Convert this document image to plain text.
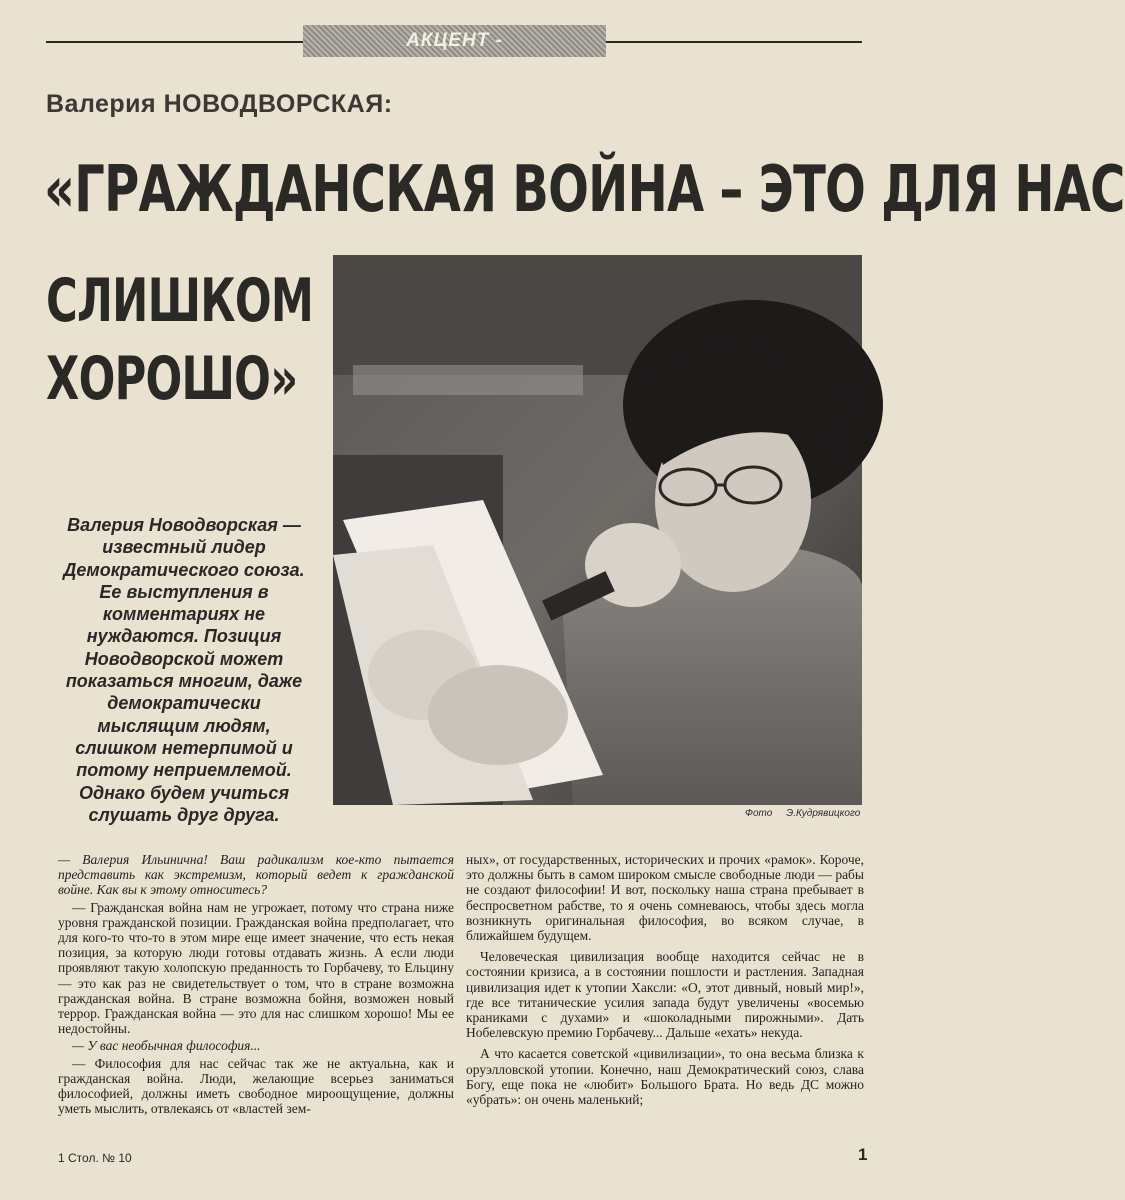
АКЦЕНТ -
Валерия НОВОДВОРСКАЯ:
«ГРАЖДАНСКАЯ ВОЙНА – ЭТО ДЛЯ НАС
СЛИШКОМ
ХОРОШО»
Фото Э.Кудрявицкого
Валерия Новодворская —
известный лидер
Демократического союза.
Ее выступления в
комментариях не
нуждаются. Позиция
Новодворской может
показаться многим, даже
демократически
мыслящим людям,
слишком нетерпимой и
потому неприемлемой.
Однако будем учиться
слушать друг друга.

— Валерия Ильинична! Ваш радикализм кое-кто пытается представить как экстремизм, который ведет к гражданской войне. Как вы к этому относитесь?

— Гражданская война нам не угрожает, потому что страна ниже уровня гражданской позиции. Гражданская война предполагает, что для кого-то что-то в этом мире еще имеет значение, что есть некая позиция, за которую люди готовы отдавать жизнь. А если люди проявляют такую холопскую преданность то Горбачеву, то Ельцину — это как раз не свидетельствует о том, что в стране возможна гражданская война. В стране возможна бойня, возможен новый террор. Гражданская война — это для нас слишком хорошо! Мы ее недостойны.

— У вас необычная философия...

— Философия для нас сейчас так же не актуальна, как и гражданская война. Люди, желающие всерьез заниматься философией, должны иметь свободное мироощущение, должны уметь мыслить, отвлекаясь от «властей зем-

ных», от государственных, исторических и прочих «рамок». Короче, это должны быть в самом широком смысле свободные люди — рабы не создают философии! И вот, поскольку наша страна пребывает в беспросветном рабстве, то я очень сомневаюсь, чтобы здесь могла возникнуть оригинальная философия, во всяком случае, в ближайшем будущем.

Человеческая цивилизация вообще находится сейчас не в состоянии кризиса, а в состоянии пошлости и растления. Западная цивилизация идет к утопии Хаксли: «О, этот дивный, новый мир!», где все титанические усилия запада будут увеличены «восемью краниками с духами» и «шоколадными пирожными». Дать Нобелевскую премию Горбачеву... Дальше «ехать» некуда.

А что касается советской «цивилизации», то она весьма близка к оруэлловской утопии. Конечно, наш Демократический союз, слава Богу, еще пока не «любит» Большого Брата. Но ведь ДС можно «убрать»: он очень маленький;

1 Стол. № 10	1
